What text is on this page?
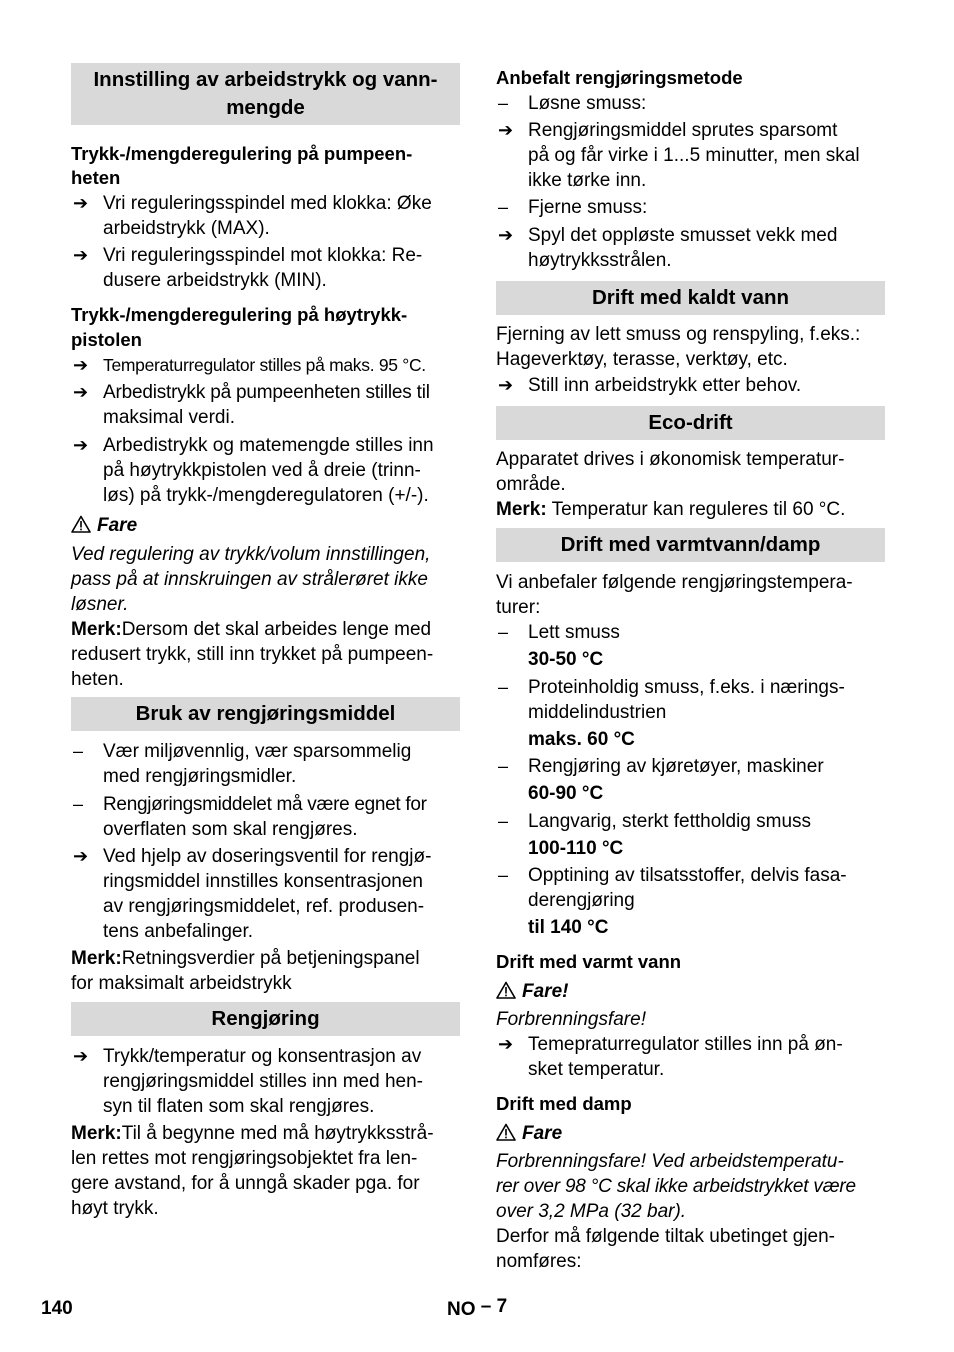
Innstilling av arbeidstrykk og vann-
mengde
Trykk-/mengderegulering på pumpeen-
heten
➔ Vri reguleringsspindel med klokka: Øke
arbeidstrykk (MAX).
➔ Vri reguleringsspindel mot klokka: Re-
dusere arbeidstrykk (MIN).
Trykk-/mengderegulering på høytrykk-
pistolen
➔ Temperaturregulator stilles på maks. 95 °C.
➔ Arbedistrykk på pumpeenheten stilles til
maksimal verdi.
➔ Arbedistrykk og matemengde stilles inn
på høytrykkpistolen ved å dreie (trinn-
løs) på trykk-/mengderegulatoren (+/-).
Fare
Ved regulering av trykk/volum innstillingen,
pass på at innskruingen av strålerøret ikke
løsner.
Merk:Dersom det skal arbeides lenge med
redusert trykk, still inn trykket på pumpeen-
heten.
Bruk av rengjøringsmiddel
– Vær miljøvennlig, vær sparsommelig
med rengjøringsmidler.
– Rengjøringsmiddelet må være egnet for
overflaten som skal rengjøres.
➔ Ved hjelp av doseringsventil for rengjø-
ringsmiddel innstilles konsentrasjonen
av rengjøringsmiddelet, ref. produsen-
tens anbefalinger.
Merk:Retningsverdier på betjeningspanel
for maksimalt arbeidstrykk
Rengjøring
➔ Trykk/temperatur og konsentrasjon av
rengjøringsmiddel stilles inn med hen-
syn til flaten som skal rengjøres.
Merk:Til å begynne med må høytrykksstrå-
len rettes mot rengjøringsobjektet fra len-
gere avstand, for å unngå skader pga. for
høyt trykk.
Anbefalt rengjøringsmetode
– Løsne smuss:
➔ Rengjøringsmiddel sprutes sparsomt
på og får virke i 1...5 minutter, men skal
ikke tørke inn.
– Fjerne smuss:
➔ Spyl det oppløste smusset vekk med
høytrykksstrålen.
Drift med kaldt vann
Fjerning av lett smuss og renspyling, f.eks.:
Hageverktøy, terasse, verktøy, etc.
➔ Still inn arbeidstrykk etter behov.
Eco-drift
Apparatet drives i økonomisk temperatur-
område.
Merk: Temperatur kan reguleres til 60 °C.
Drift med varmtvann/damp
Vi anbefaler følgende rengjøringstempera-
turer:
– Lett smuss
30-50 °C
– Proteinholdig smuss, f.eks. i nærings-
middelindustrien
maks. 60 °C
– Rengjøring av kjøretøyer, maskiner
60-90 °C
– Langvarig, sterkt fettholdig smuss
100-110 °C
– Opptining av tilsatsstoffer, delvis fasa-
derengjøring
til 140 °C
Drift med varmt vann
Fare!
Forbrenningsfare!
➔ Temepraturregulator stilles inn på øn-
sket temperatur.
Drift med damp
Fare
Forbrenningsfare! Ved arbeidstemperatu-
rer over 98 °C skal ikke arbeidstrykket være
over 3,2 MPa (32 bar).
Derfor må følgende tiltak ubetinget gjen-
nomføres:
140	NO – 7
